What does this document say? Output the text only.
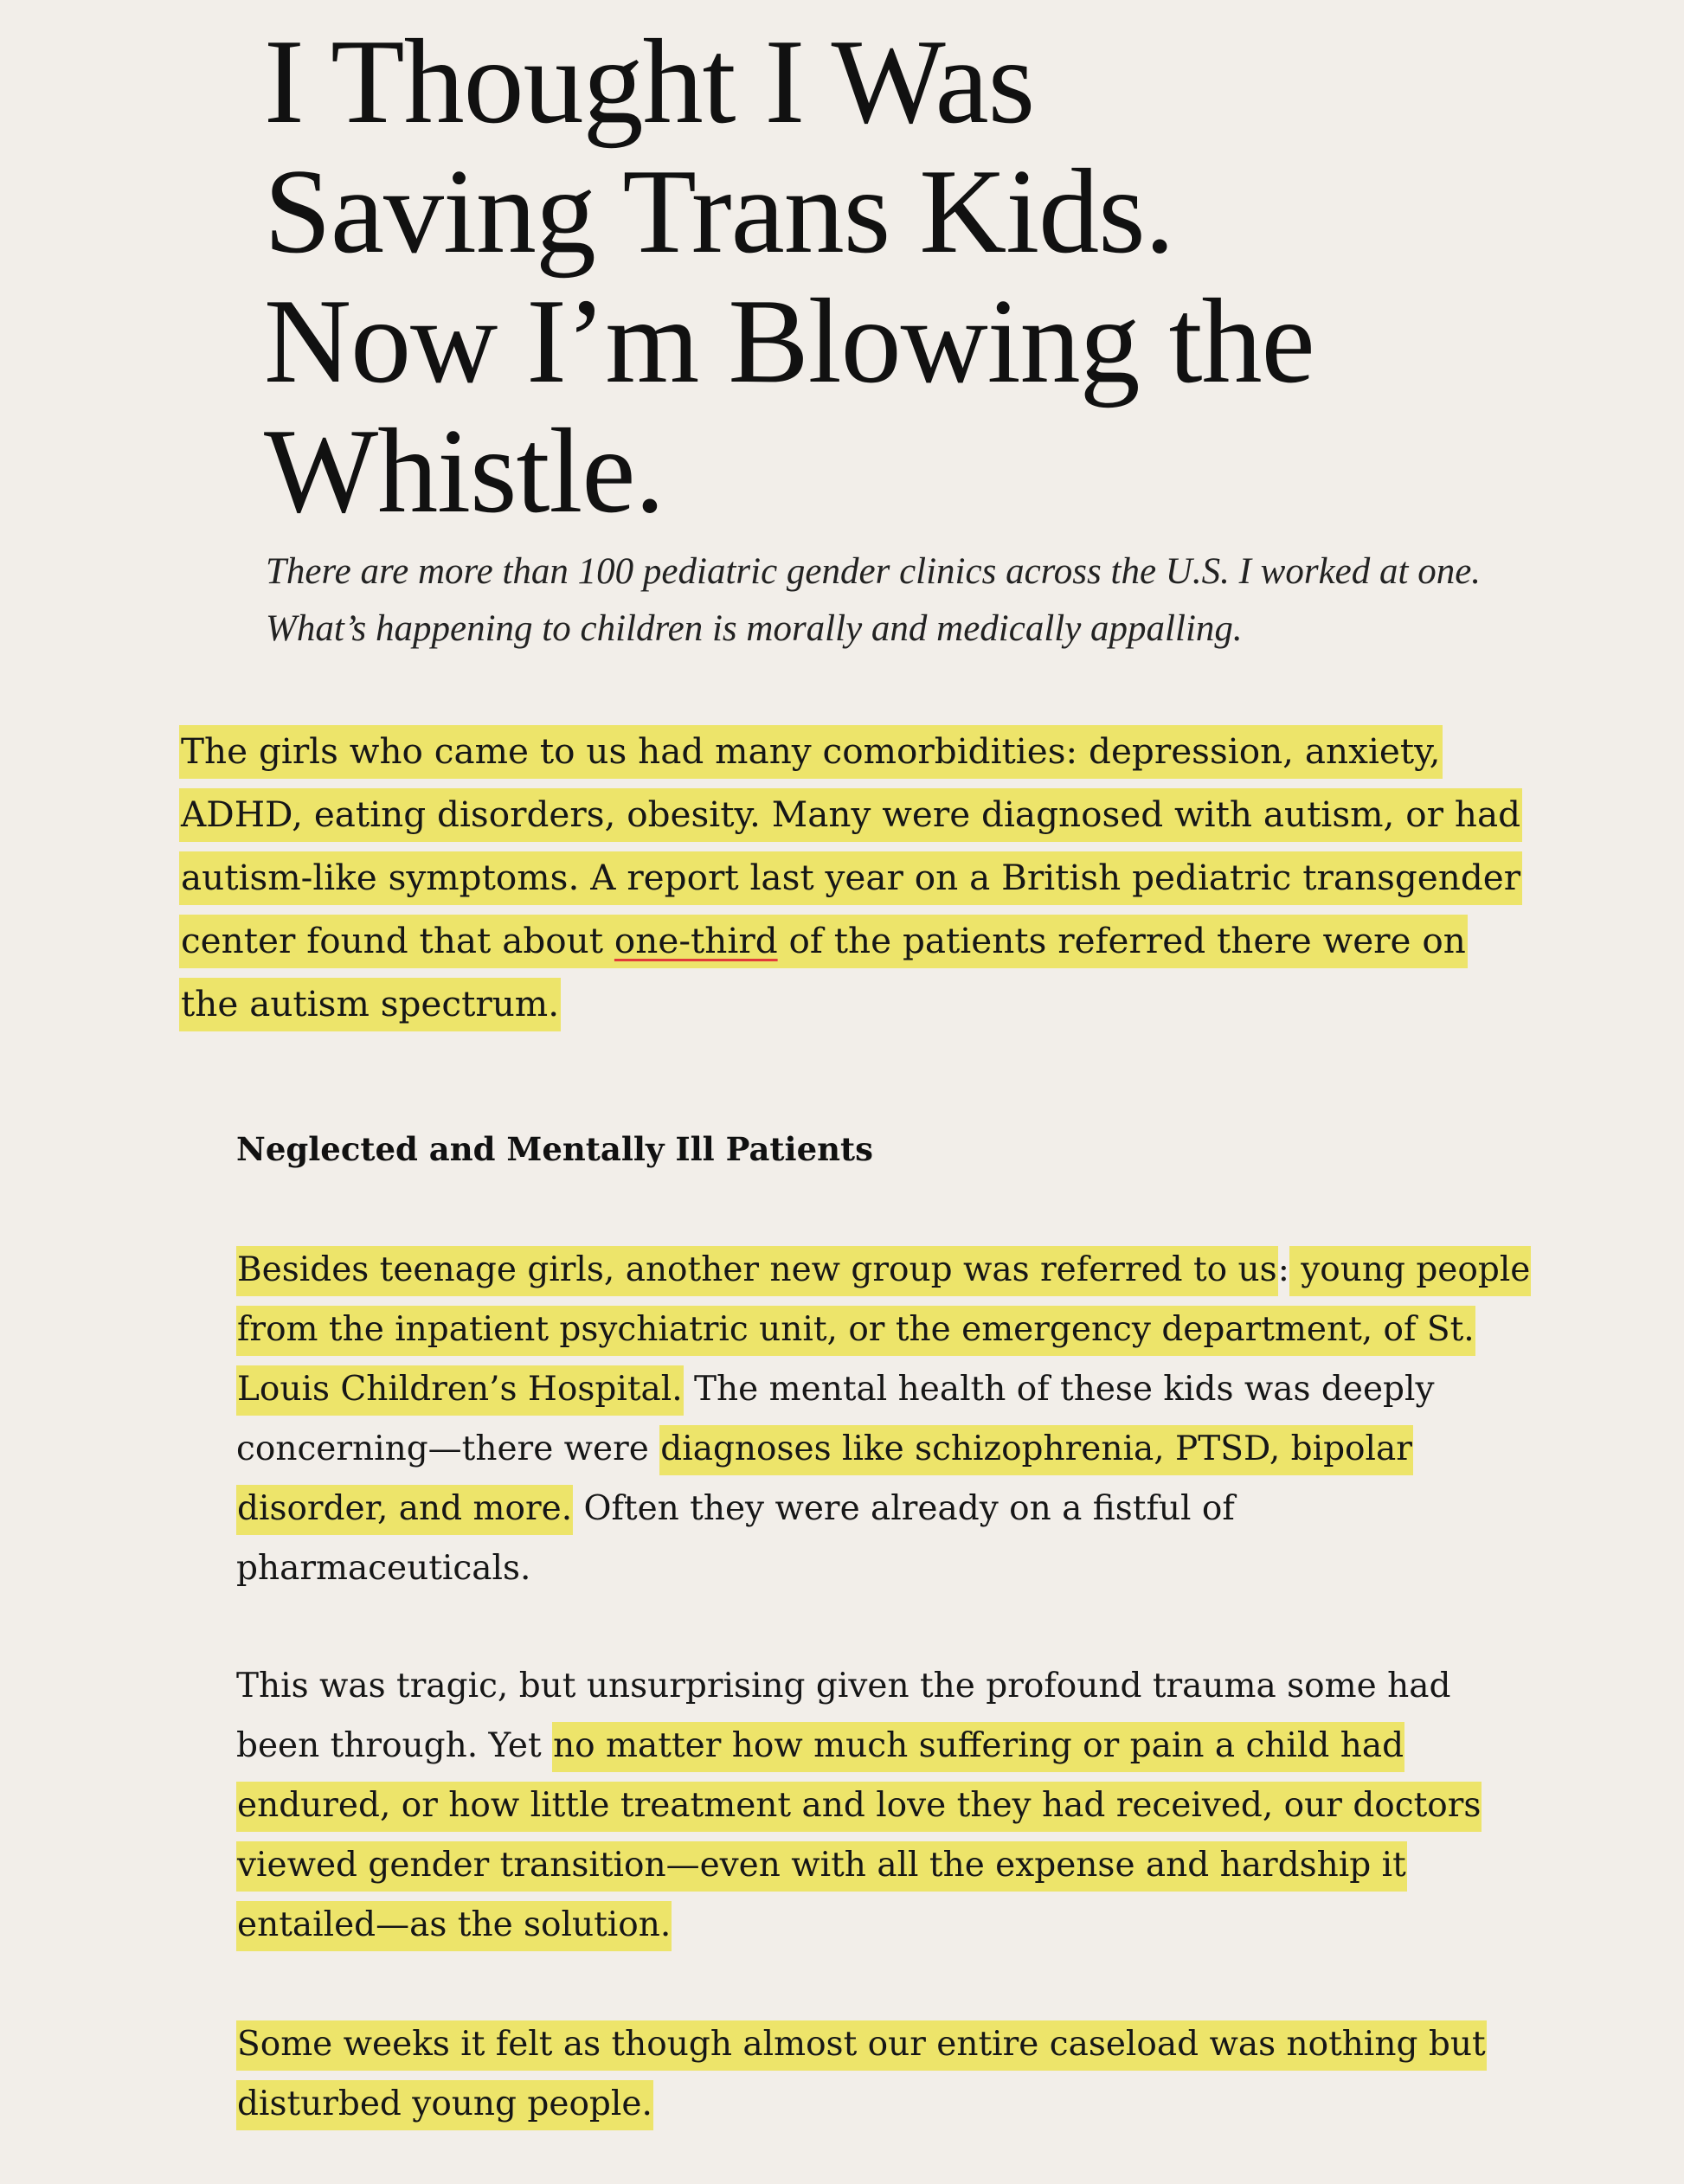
I Thought I Was
Saving Trans Kids.
Now I’m Blowing the
Whistle.

There are more than 100 pediatric gender clinics across the U.S. I worked at one.
What’s happening to children is morally and medically appalling.

The girls who came to us had many comorbidities: depression, anxiety,
ADHD, eating disorders, obesity. Many were diagnosed with autism, or had
autism-like symptoms. A report last year on a British pediatric transgender
center found that about one-third of the patients referred there were on
the autism spectrum.

Neglected and Mentally Ill Patients

Besides teenage girls, another new group was referred to us: young people
from the inpatient psychiatric unit, or the emergency department, of St.
Louis Children’s Hospital. The mental health of these kids was deeply
concerning—there were diagnoses like schizophrenia, PTSD, bipolar
disorder, and more. Often they were already on a fistful of
pharmaceuticals.

This was tragic, but unsurprising given the profound trauma some had
been through. Yet no matter how much suffering or pain a child had
endured, or how little treatment and love they had received, our doctors
viewed gender transition—even with all the expense and hardship it
entailed—as the solution.

Some weeks it felt as though almost our entire caseload was nothing but
disturbed young people.
